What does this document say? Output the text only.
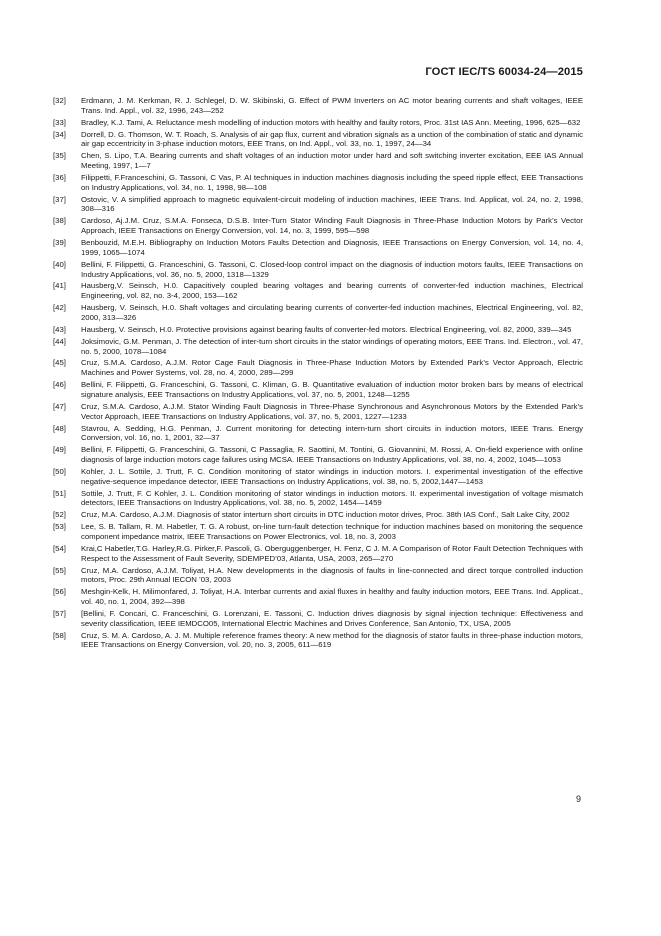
ГОСТ IEC/TS 60034-24—2015
[32]	Erdmann, J. M. Kerkman, R. J. Schlegel, D. W. Skibinski, G. Effect of PWM Inverters on AC motor bearing currents and shaft voltages, IEEE Trans. Ind. Appl., vol. 32, 1996, 243—252
[33]	Bradley, K.J. Tami, A. Reluctance mesh modelling of induction motors with healthy and faulty rotors, Proc. 31st IAS Ann. Meeting, 1996, 625—632
[34]	Dorrell, D. G. Thomson, W. T. Roach, S. Analysis of air gap flux, current and vibration signals as a unction of the combination of static and dynamic air gap eccentricity in 3-phase induction motors, EEE Trans, on Ind. Appl., vol. 33, no. 1, 1997, 24—34
[35]	Chen, S. Lipo, T.A. Bearing currents and shaft voltages of an induction motor under hard and soft switching inverter excitation, EEE IAS Annual Meeting, 1997, 1—7
[36]	Filippetti, F.Franceschini, G. Tassoni, C Vas, P. AI techniques in induction machines diagnosis including the speed ripple effect, EEE Transactions on Industry Applications, vol. 34, no. 1, 1998, 98—108
[37]	Ostovic, V. A simplified approach to magnetic equivalent-circuit modeling of induction machines, IEEE Trans. Ind. Applicat, vol. 24, no. 2, 1998, 308—316
[38]	Cardoso, Aj.J.M. Cruz, S.M.A. Fonseca, D.S.B. Inter-Turn Stator Winding Fault Diagnosis in Three-Phase Induction Motors by Park’s Vector Approach, IEEE Transactions on Energy Conversion, vol. 14, no. 3, 1999, 595—598
[39]	Benbouzid, M.E.H. Bibliography on Induction Motors Faults Detection and Diagnosis, IEEE Transactions on Energy Conversion, vol. 14, no. 4, 1999, 1065—1074
[40]	Bellini, F. Filippetti, G. Franceschini, G. Tassoni, C. Closed-loop control impact on the diagnosis of induction motors faults, IEEE Transactions on Industry Applications, vol. 36, no. 5, 2000, 1318—1329
[41]	Hausberg,V. Seinsch, H.0. Capacitively coupled bearing voltages and bearing currents of converter-fed induction machines, Electrical Engineering, vol. 82, no. 3-4, 2000, 153—162
[42]	Hausberg, V. Seinsch, H.0. Shaft voltages and circulating bearing currents of converter-fed induction machines, Electrical Engineering, vol. 82, 2000, 313—326
[43]	Hausberg, V. Seinsch, H.0. Protective provisions against bearing faults of converter-fed motors. Electrical Engineering, vol. 82, 2000, 339—345
[44]	Joksimovic, G.M. Penman, J. The detection of inter-turn short circuits in the stator windings of operating motors, EEE Trans. Ind. Electron., vol. 47, no. 5, 2000, 1078—1084
[45]	Cruz, S.M.A. Cardoso, A.J.M. Rotor Cage Fault Diagnosis in Three-Phase Induction Motors by Extended Park’s Vector Approach, Electric Machines and Power Systems, vol. 28, no. 4, 2000, 289—299
[46]	Bellini, F. Filippetti, G. Franceschini, G. Tassoni, C. Kliman, G. B. Quantitative evaluation of induction motor broken bars by means of electrical signature analysis, EEE Transactions on Industry Applications, vol. 37, no. 5, 2001, 1248—1255
[47]	Cruz, S.M.A. Cardoso, A.J.M. Stator Winding Fault Diagnosis in Three-Phase Synchronous and Asynchronous Motors by the Extended Park’s Vector Approach, IEEE Transactions on Industry Applications, vol. 37, no. 5, 2001, 1227—1233
[48]	Stavrou, A. Sedding, H.G. Penman, J. Current monitoring for detecting intern-turn short circuits in induction motors, IEEE Trans. Energy Conversion, vol. 16, no. 1, 2001, 32—37
[49]	Bellini, F. Filippetti, G. Franceschini, G. Tassoni, C Passaglia, R. Saottini, M. Tontini, G. Giovannini, M. Rossi, A. On-field experience with online diagnosis of large induction motors cage failures using MCSA. IEEE Transactions on Industry Applications, vol. 38, no. 4, 2002, 1045—1053
[50]	Kohler, J. L. Sottile, J. Trutt, F. C. Condition monitoring of stator windings in induction motors. I. experimental investigation of the effective negative-sequence impedance detector, IEEE Transactions on Industry Applications, vol. 38, no. 5, 2002,1447—1453
[51]	Sottile, J. Trutt, F. C Kohler, J. L. Condition monitoring of stator windings in induction motors. II. experimental investigation of voltage mismatch detectors, IEEE Transactions on Industry Applications, vol. 38, no. 5, 2002, 1454—1459
[52]	Cruz, M.A. Cardoso, A.J.M. Diagnosis of stator interturn short circuits in DTC induction motor drives, Proc. 38th IAS Conf., Salt Lake City, 2002
[53]	Lee, S. B. Tallam, R. M. Habetler, T. G. A robust, on-line turn-fault detection technique for induction machines based on monitoring the sequence component impedance matrix, IEEE Transactions on Power Electronics, vol. 18, no. 3, 2003
[54]	Krai,C Habetler,T.G. Harley,R.G. Pirker,F. Pascoli, G. Oberguggenberger, H. Fenz, C J. M. A Comparison of Rotor Fault Detection Techniques with Respect to the Assessment of Fault Severity, SDEMPED’03, Atlanta, USA, 2003, 265—270
[55]	Cruz, M.A. Cardoso, A.J.M. Toliyat, H.A. New developments in the diagnosis of faults in line-connected and direct torque controlled induction motors, Proc. 29th Annual IECON ’03, 2003
[56]	Meshgin-Kelk, H. Milimonfared, J. Toliyat, H.A. Interbar currents and axial fluxes in healthy and faulty induction motors, EEE Trans. Ind. Applicat., vol. 40, no. 1, 2004, 392—398
[57]	[Bellini, F. Concari, C. Franceschini, G. Lorenzani, E. Tassoni, C. Induction drives diagnosis by signal injection technique: Effectiveness and severity classification, IEEE IEMDCO05, International Electric Machines and Drives Conference, San Antonio, TX, USA, 2005
[58]	Cruz, S. M. A. Cardoso, A. J. M. Multiple reference frames theory: A new method for the diagnosis of stator faults in three-phase induction motors, IEEE Transactions on Energy Conversion, vol. 20, no. 3, 2005, 611—619
9
